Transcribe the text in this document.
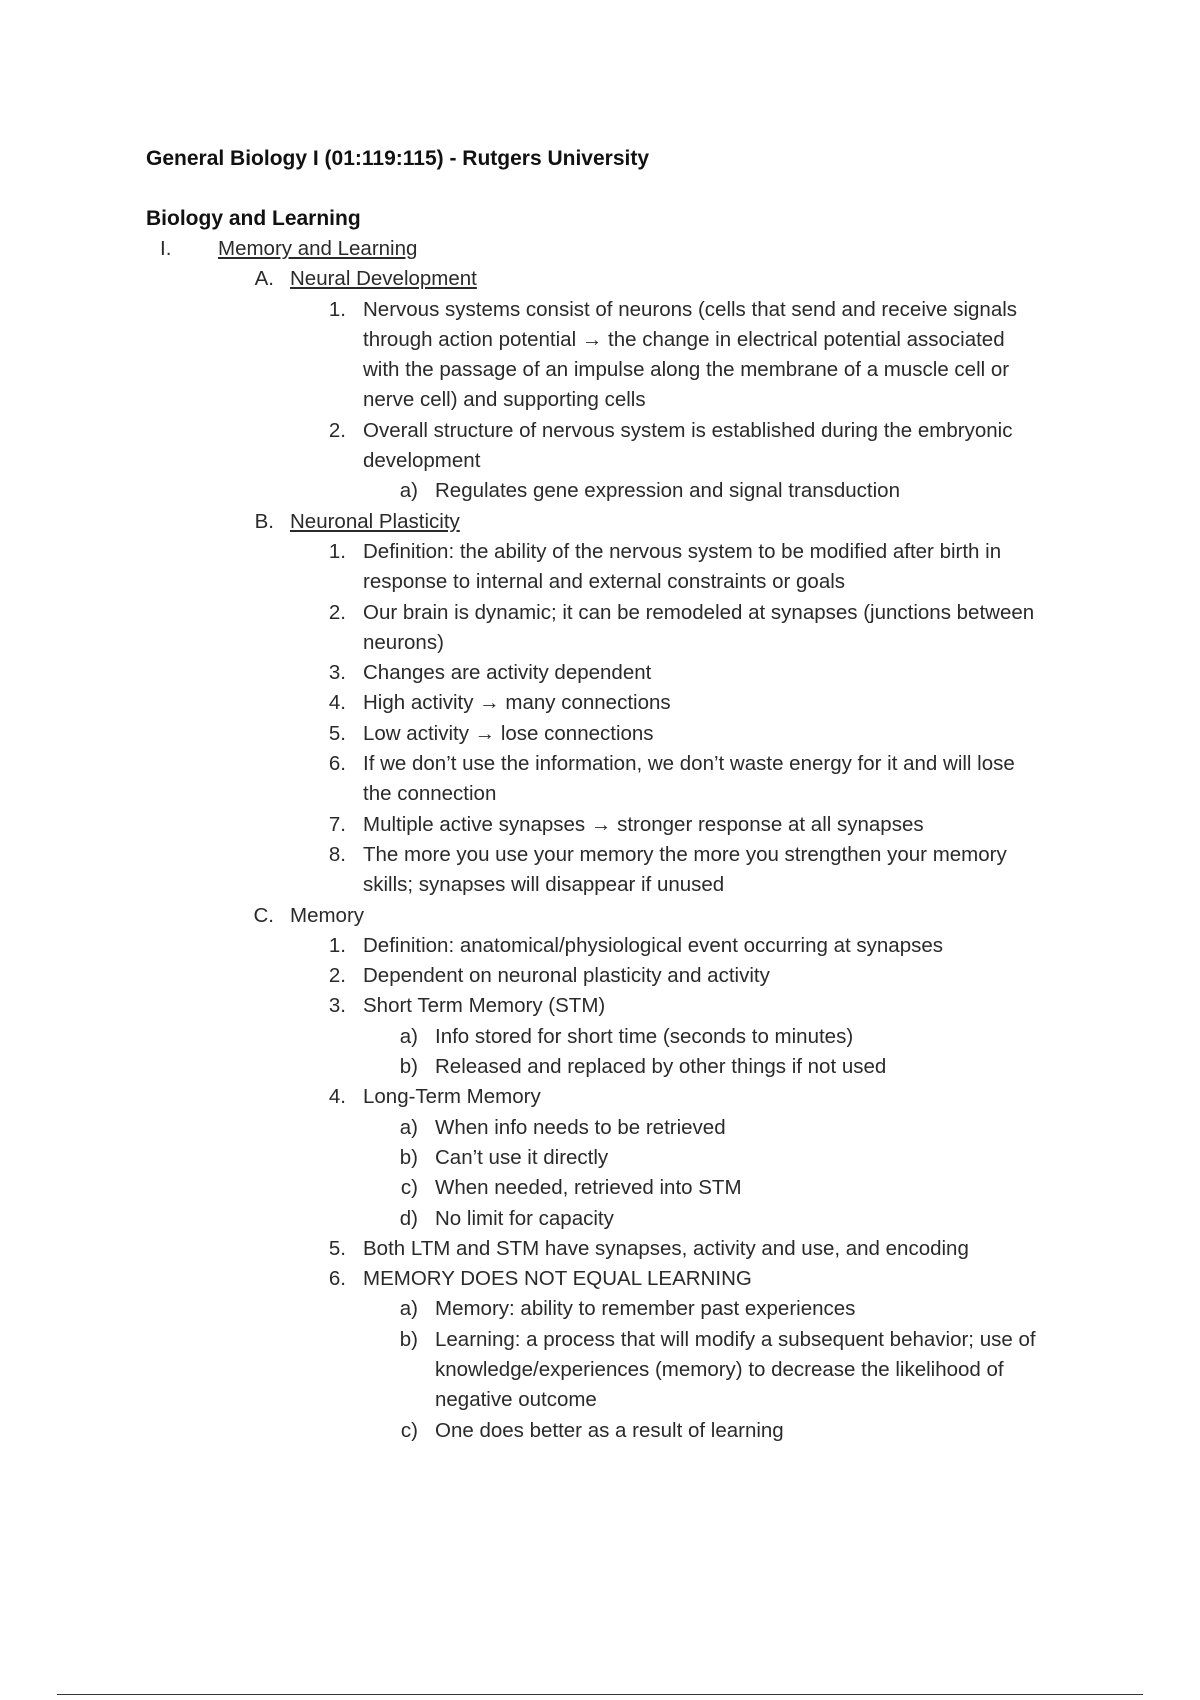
General Biology I (01:119:115) - Rutgers University
Biology and Learning
I.	Memory and Learning
A. Neural Development
1. Nervous systems consist of neurons (cells that send and receive signals
through action potential → the change in electrical potential associated
with the passage of an impulse along the membrane of a muscle cell or
nerve cell) and supporting cells
2. Overall structure of nervous system is established during the embryonic
development
a) Regulates gene expression and signal transduction
B. Neuronal Plasticity
1. Definition: the ability of the nervous system to be modified after birth in
response to internal and external constraints or goals
2. Our brain is dynamic; it can be remodeled at synapses (junctions between
neurons)
3. Changes are activity dependent
4. High activity → many connections
5. Low activity → lose connections
6. If we don’t use the information, we don’t waste energy for it and will lose
the connection
7. Multiple active synapses → stronger response at all synapses
8. The more you use your memory the more you strengthen your memory
skills; synapses will disappear if unused
C. Memory
1. Definition: anatomical/physiological event occurring at synapses
2. Dependent on neuronal plasticity and activity
3. Short Term Memory (STM)
a) Info stored for short time (seconds to minutes)
b) Released and replaced by other things if not used
4. Long-Term Memory
a) When info needs to be retrieved
b) Can’t use it directly
c) When needed, retrieved into STM
d) No limit for capacity
5. Both LTM and STM have synapses, activity and use, and encoding
6. MEMORY DOES NOT EQUAL LEARNING
a) Memory: ability to remember past experiences
b) Learning: a process that will modify a subsequent behavior; use of
knowledge/experiences (memory) to decrease the likelihood of
negative outcome
c) One does better as a result of learning
